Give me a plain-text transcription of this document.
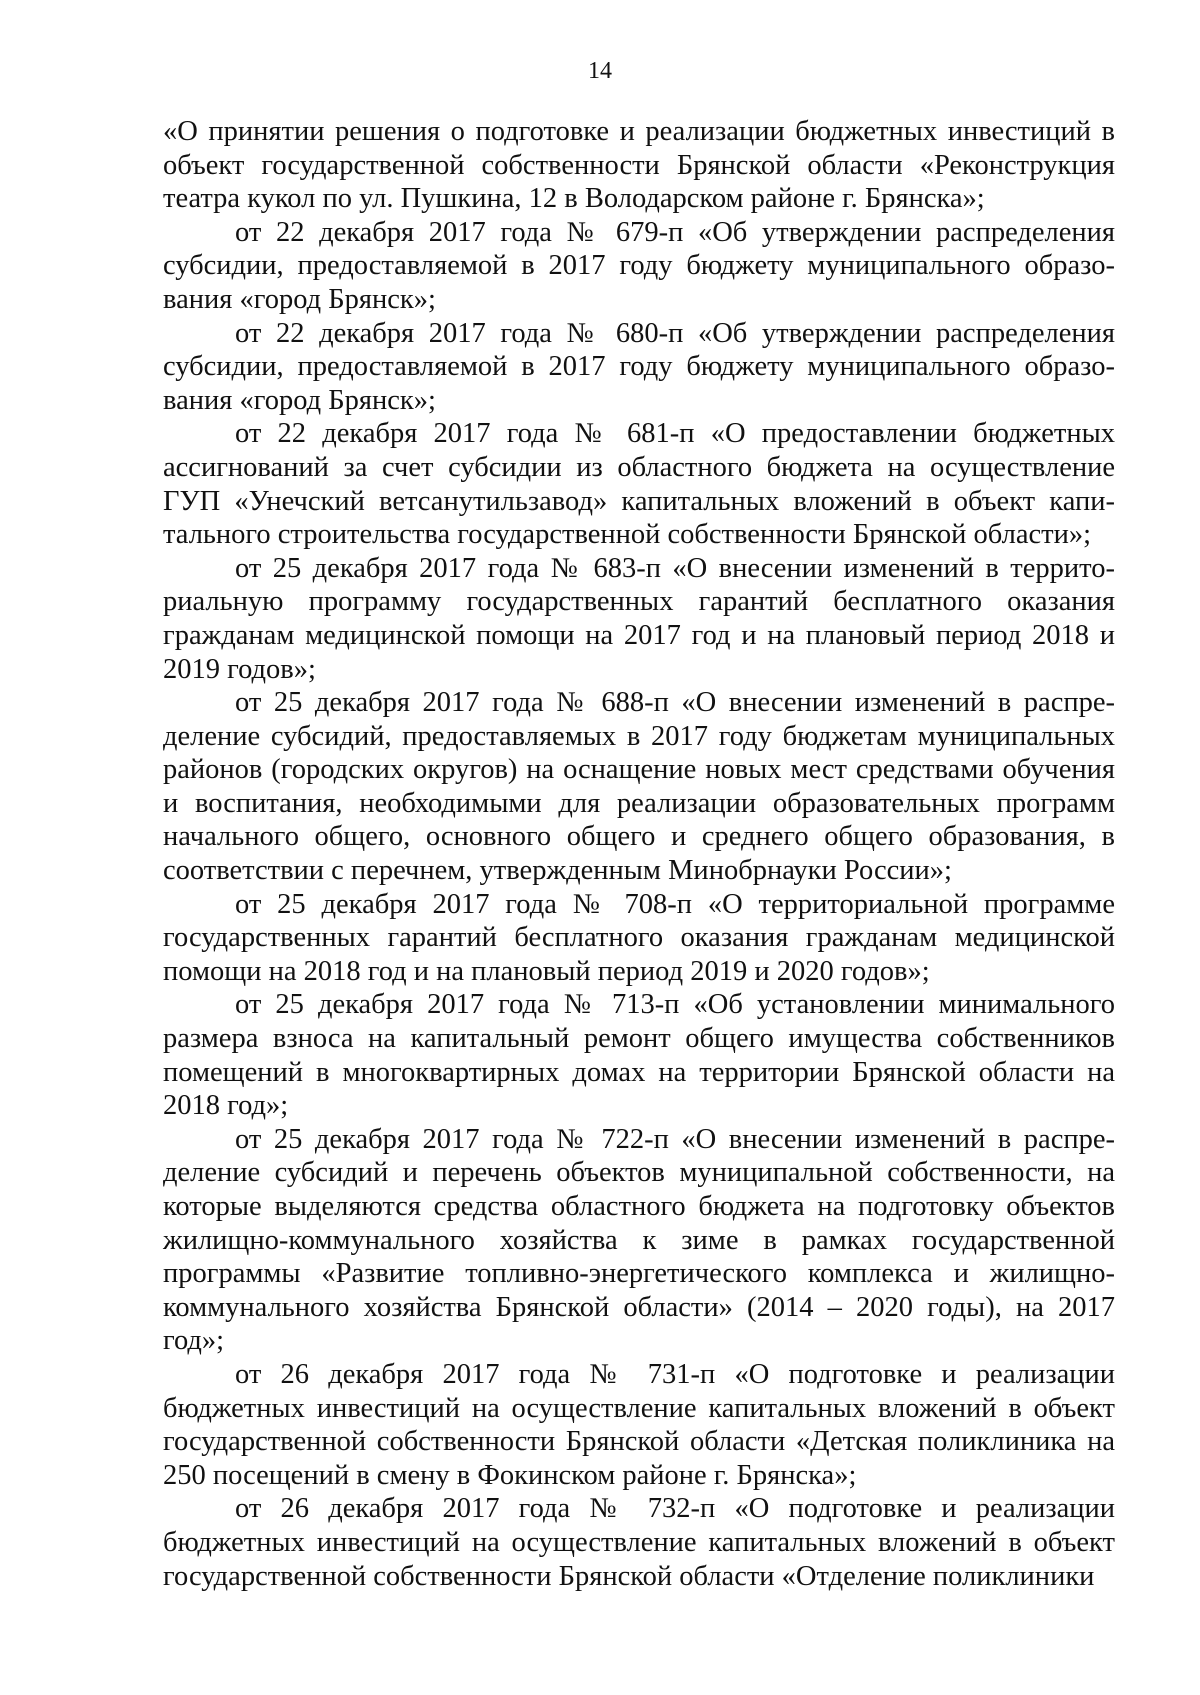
14

«О принятии решения о подготовке и реализации бюджетных инвестиций в объект государственной собственности Брянской области «Реконструкция театра кукол по ул. Пушкина, 12 в Володарском районе г. Брянска»;

от 22 декабря 2017 года № 679-п «Об утверждении распределения субсидии, предоставляемой в 2017 году бюджету муниципального образования «город Брянск»;

от 22 декабря 2017 года № 680-п «Об утверждении распределения субсидии, предоставляемой в 2017 году бюджету муниципального образования «город Брянск»;

от 22 декабря 2017 года № 681-п «О предоставлении бюджетных ассигнований за счет субсидии из областного бюджета на осуществление ГУП «Унечский ветсанутильзавод» капитальных вложений в объект капитального строительства государственной собственности Брянской области»;

от 25 декабря 2017 года № 683-п «О внесении изменений в территориальную программу государственных гарантий бесплатного оказания гражданам медицинской помощи на 2017 год и на плановый период 2018 и 2019 годов»;

от 25 декабря 2017 года № 688-п «О внесении изменений в распределение субсидий, предоставляемых в 2017 году бюджетам муниципальных районов (городских округов) на оснащение новых мест средствами обучения и воспитания, необходимыми для реализации образовательных программ начального общего, основного общего и среднего общего образования, в соответствии с перечнем, утвержденным Минобрнауки России»;

от 25 декабря 2017 года № 708-п «О территориальной программе государственных гарантий бесплатного оказания гражданам медицинской помощи на 2018 год и на плановый период 2019 и 2020 годов»;

от 25 декабря 2017 года № 713-п «Об установлении минимального размера взноса на капитальный ремонт общего имущества собственников помещений в многоквартирных домах на территории Брянской области на 2018 год»;

от 25 декабря 2017 года № 722-п «О внесении изменений в распределение субсидий и перечень объектов муниципальной собственности, на которые выделяются средства областного бюджета на подготовку объектов жилищно-коммунального хозяйства к зиме в рамках государственной программы «Развитие топливно-энергетического комплекса и жилищно-коммунального хозяйства Брянской области» (2014 – 2020 годы), на 2017 год»;

от 26 декабря 2017 года № 731-п «О подготовке и реализации бюджетных инвестиций на осуществление капитальных вложений в объект государственной собственности Брянской области «Детская поликлиника на 250 посещений в смену в Фокинском районе г. Брянска»;

от 26 декабря 2017 года № 732-п «О подготовке и реализации бюджетных инвестиций на осуществление капитальных вложений в объект государственной собственности Брянской области «Отделение поликлиники
